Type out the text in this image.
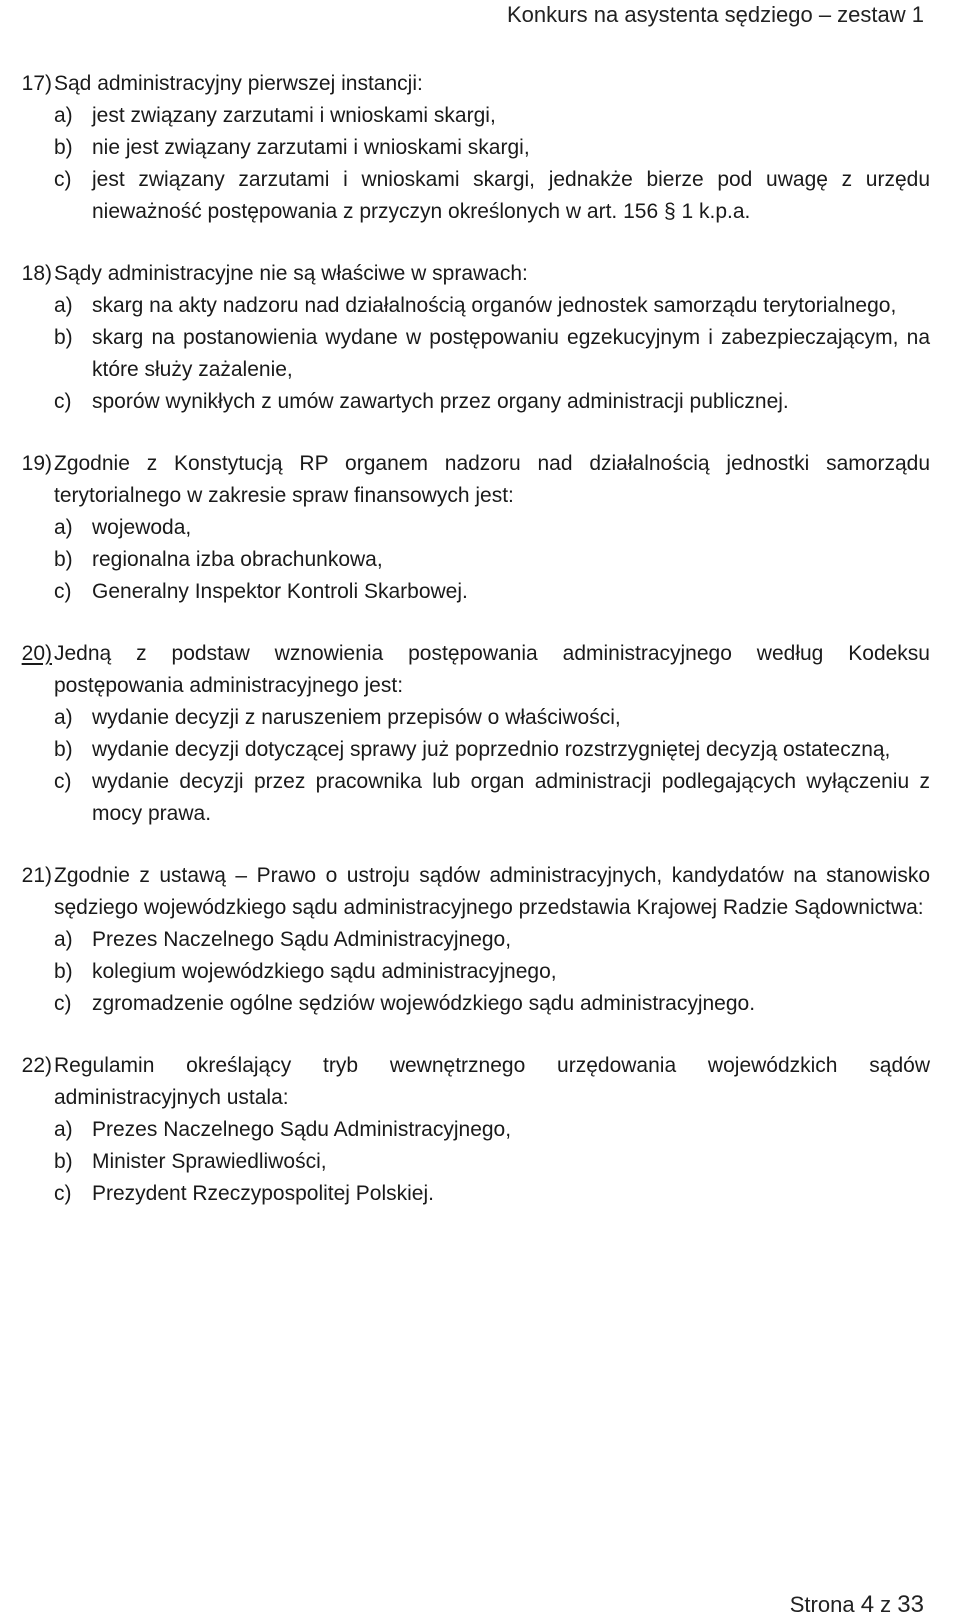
Konkurs na asystenta sędziego – zestaw 1
17) Sąd administracyjny pierwszej instancji:

a) jest związany zarzutami i wnioskami skargi,
b) nie jest związany zarzutami i wnioskami skargi,
c) jest związany zarzutami i wnioskami skargi, jednakże bierze pod uwagę z urzędu nieważność postępowania z przyczyn określonych w art. 156 § 1 k.p.a.
18) Sądy administracyjne nie są właściwe w sprawach:

a) skarg na akty nadzoru nad działalnością organów jednostek samorządu terytorialnego,
b) skarg na postanowienia wydane w postępowaniu egzekucyjnym i zabezpieczającym, na które służy zażalenie,
c) sporów wynikłych z umów zawartych przez organy administracji publicznej.
19) Zgodnie z Konstytucją RP organem nadzoru nad działalnością jednostki samorządu terytorialnego w zakresie spraw finansowych jest:

a) wojewoda,
b) regionalna izba obrachunkowa,
c) Generalny Inspektor Kontroli Skarbowej.
20) Jedną z podstaw wznowienia postępowania administracyjnego według Kodeksu postępowania administracyjnego jest:

a) wydanie decyzji z naruszeniem przepisów o właściwości,
b) wydanie decyzji dotyczącej sprawy już poprzednio rozstrzygniętej decyzją ostateczną,
c) wydanie decyzji przez pracownika lub organ administracji podlegających wyłączeniu z mocy prawa.
21) Zgodnie z ustawą – Prawo o ustroju sądów administracyjnych, kandydatów na stanowisko sędziego wojewódzkiego sądu administracyjnego przedstawia Krajowej Radzie Sądownictwa:

a) Prezes Naczelnego Sądu Administracyjnego,
b) kolegium wojewódzkiego sądu administracyjnego,
c) zgromadzenie ogólne sędziów wojewódzkiego sądu administracyjnego.
22) Regulamin określający tryb wewnętrznego urzędowania wojewódzkich sądów administracyjnych ustala:

a) Prezes Naczelnego Sądu Administracyjnego,
b) Minister Sprawiedliwości,
c) Prezydent Rzeczypospolitej Polskiej.
Strona 4 z 33
